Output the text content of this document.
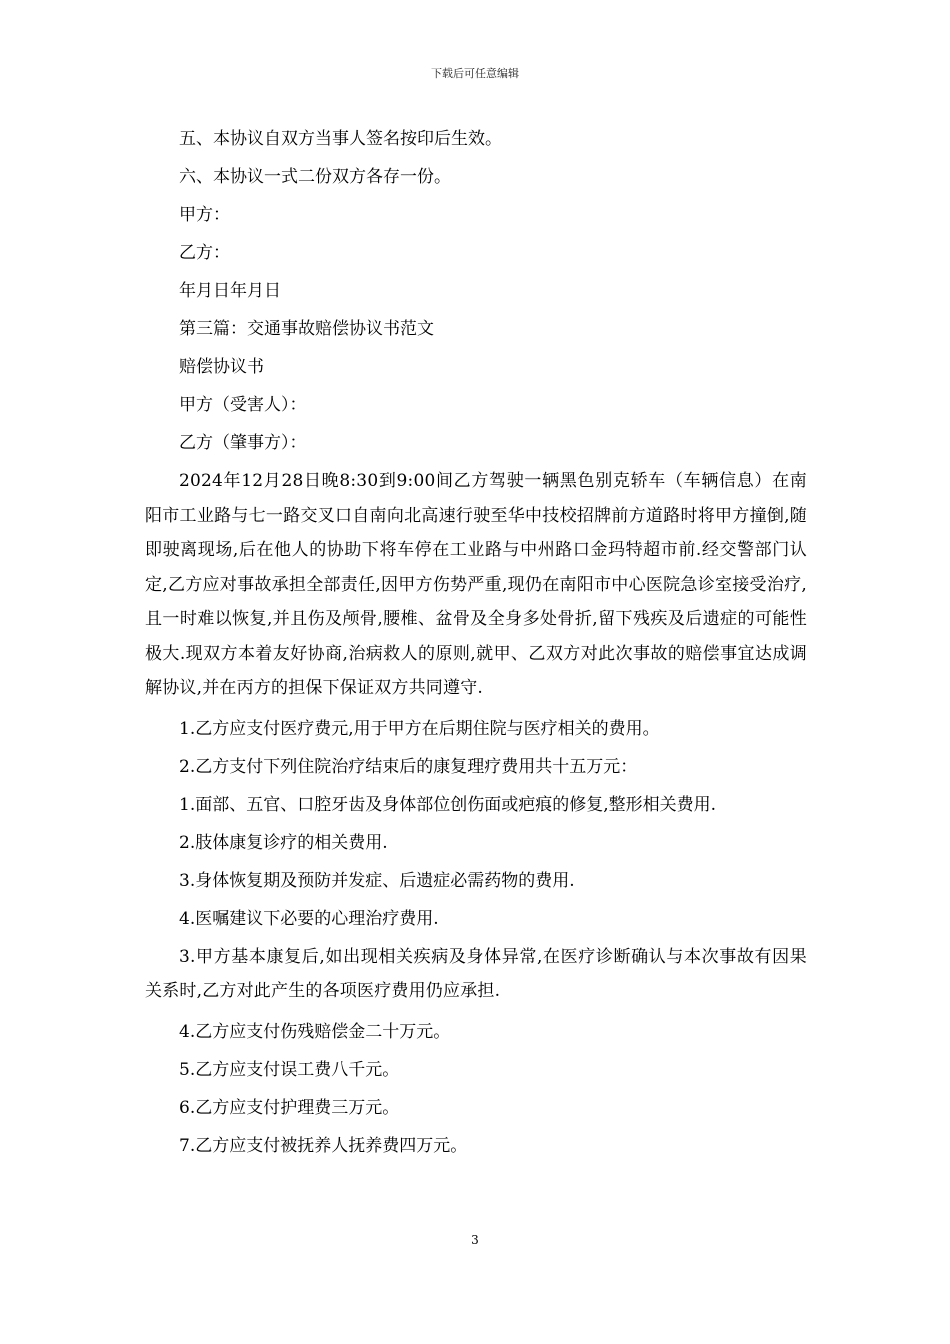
下载后可任意编辑
五、本协议自双方当事人签名按印后生效。
六、本协议一式二份双方各存一份。
甲方：
乙方：
年月日年月日
第三篇：交通事故赔偿协议书范文
赔偿协议书
甲方（受害人）：
乙方（肇事方）：
2024年12月28日晚8:30到9:00间乙方驾驶一辆黑色别克轿车（车辆信息）在南阳市工业路与七一路交叉口自南向北高速行驶至华中技校招牌前方道路时将甲方撞倒,随即驶离现场,后在他人的协助下将车停在工业路与中州路口金玛特超市前.经交警部门认定,乙方应对事故承担全部责任,因甲方伤势严重,现仍在南阳市中心医院急诊室接受治疗,且一时难以恢复,并且伤及颅骨,腰椎、盆骨及全身多处骨折,留下残疾及后遗症的可能性极大.现双方本着友好协商,治病救人的原则,就甲、乙双方对此次事故的赔偿事宜达成调解协议,并在丙方的担保下保证双方共同遵守.
1.乙方应支付医疗费元,用于甲方在后期住院与医疗相关的费用。
2.乙方支付下列住院治疗结束后的康复理疗费用共十五万元：
1.面部、五官、口腔牙齿及身体部位创伤面或疤痕的修复,整形相关费用.
2.肢体康复诊疗的相关费用.
3.身体恢复期及预防并发症、后遗症必需药物的费用.
4.医嘱建议下必要的心理治疗费用.
3.甲方基本康复后,如出现相关疾病及身体异常,在医疗诊断确认与本次事故有因果关系时,乙方对此产生的各项医疗费用仍应承担.
4.乙方应支付伤残赔偿金二十万元。
5.乙方应支付误工费八千元。
6.乙方应支付护理费三万元。
7.乙方应支付被抚养人抚养费四万元。
3
